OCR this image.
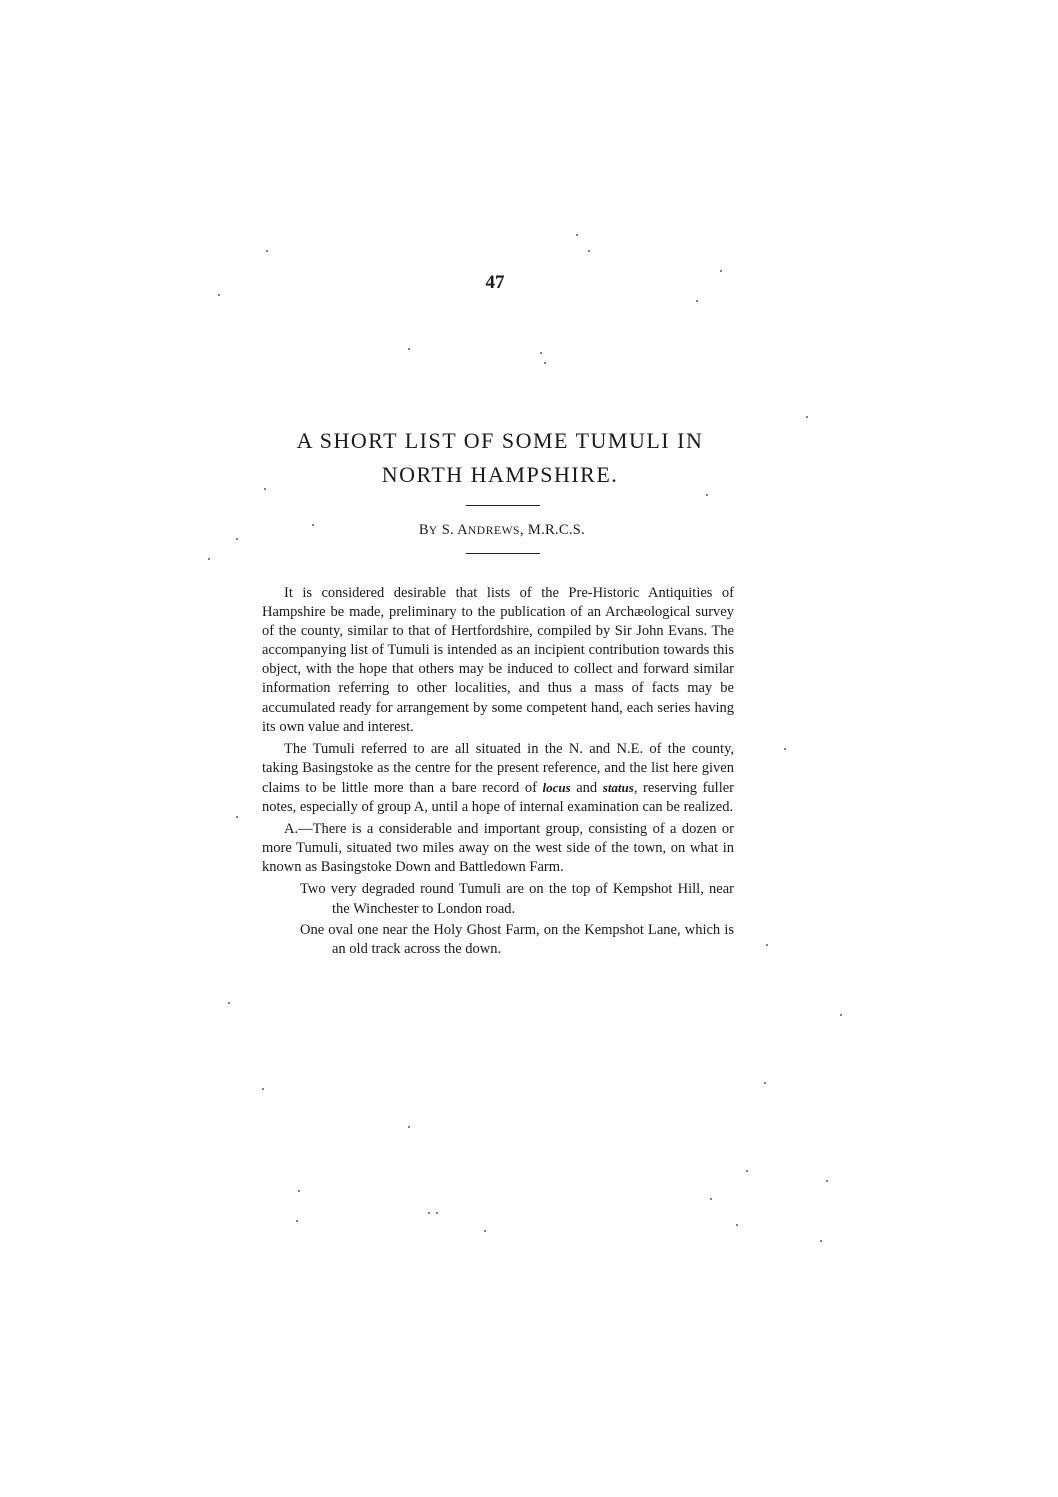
47
A SHORT LIST OF SOME TUMULI IN
NORTH HAMPSHIRE.
BY S. ANDREWS, M.R.C.S.

It is considered desirable that lists of the Pre-Historic Antiquities of Hampshire be made, preliminary to the publication of an Archæological survey of the county, similar to that of Hertfordshire, compiled by Sir John Evans. The accompanying list of Tumuli is intended as an incipient contribution towards this object, with the hope that others may be induced to collect and forward similar information referring to other localities, and thus a mass of facts may be accumulated ready for arrangement by some competent hand, each series having its own value and interest.

The Tumuli referred to are all situated in the N. and N.E. of the county, taking Basingstoke as the centre for the present reference, and the list here given claims to be little more than a bare record of locus and status, reserving fuller notes, especially of group A, until a hope of internal examination can be realized.

A.—There is a considerable and important group, consisting of a dozen or more Tumuli, situated two miles away on the west side of the town, on what in known as Basingstoke Down and Battledown Farm.

Two very degraded round Tumuli are on the top of Kempshot Hill, near the Winchester to London road.
One oval one near the Holy Ghost Farm, on the Kempshot Lane, which is an old track across the down.
